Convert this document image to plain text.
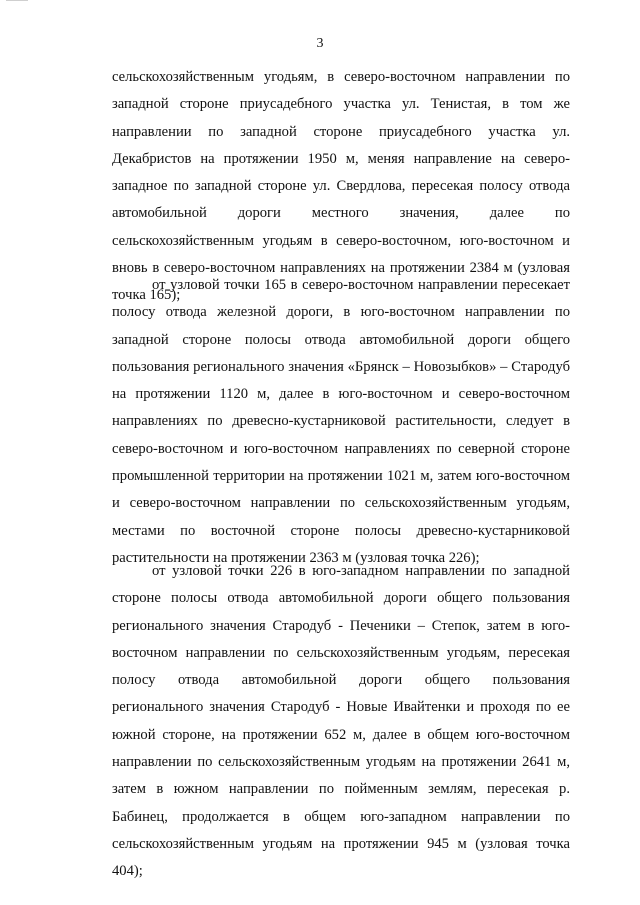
3

сельскохозяйственным угодьям, в северо-восточном направлении по западной стороне приусадебного участка ул. Тенистая, в том же направлении по западной стороне приусадебного участка ул. Декабристов на протяжении 1950 м, меняя направление на северо-западное по западной стороне ул. Свердлова, пересекая полосу отвода автомобильной дороги местного значения, далее по сельскохозяйственным угодьям в северо-восточном, юго-восточном и вновь в северо-восточном направлениях на протяжении 2384 м (узловая точка 165);

от узловой точки 165 в северо-восточном направлении пересекает полосу отвода железной дороги, в юго-восточном направлении по западной стороне полосы отвода автомобильной дороги общего пользования регионального значения «Брянск – Новозыбков» – Стародуб на протяжении 1120 м, далее в юго-восточном и северо-восточном направлениях по древесно-кустарниковой растительности, следует в северо-восточном и юго-восточном направлениях по северной стороне промышленной территории на протяжении 1021 м, затем юго-восточном и северо-восточном направлении по сельскохозяйственным угодьям, местами по восточной стороне полосы древесно-кустарниковой растительности на протяжении 2363 м (узловая точка 226);

от узловой точки 226 в юго-западном направлении по западной стороне полосы отвода автомобильной дороги общего пользования регионального значения Стародуб - Печеники – Степок, затем в юго-восточном направлении по сельскохозяйственным угодьям, пересекая полосу отвода автомобильной дороги общего пользования регионального значения Стародуб - Новые Ивайтенки и проходя по ее южной стороне, на протяжении 652 м, далее в общем юго-восточном направлении по сельскохозяйственным угодьям на протяжении 2641 м, затем в южном направлении по пойменным землям, пересекая р. Бабинец, продолжается в общем юго-западном направлении по сельскохозяйственным угодьям на протяжении 945 м (узловая точка 404);
